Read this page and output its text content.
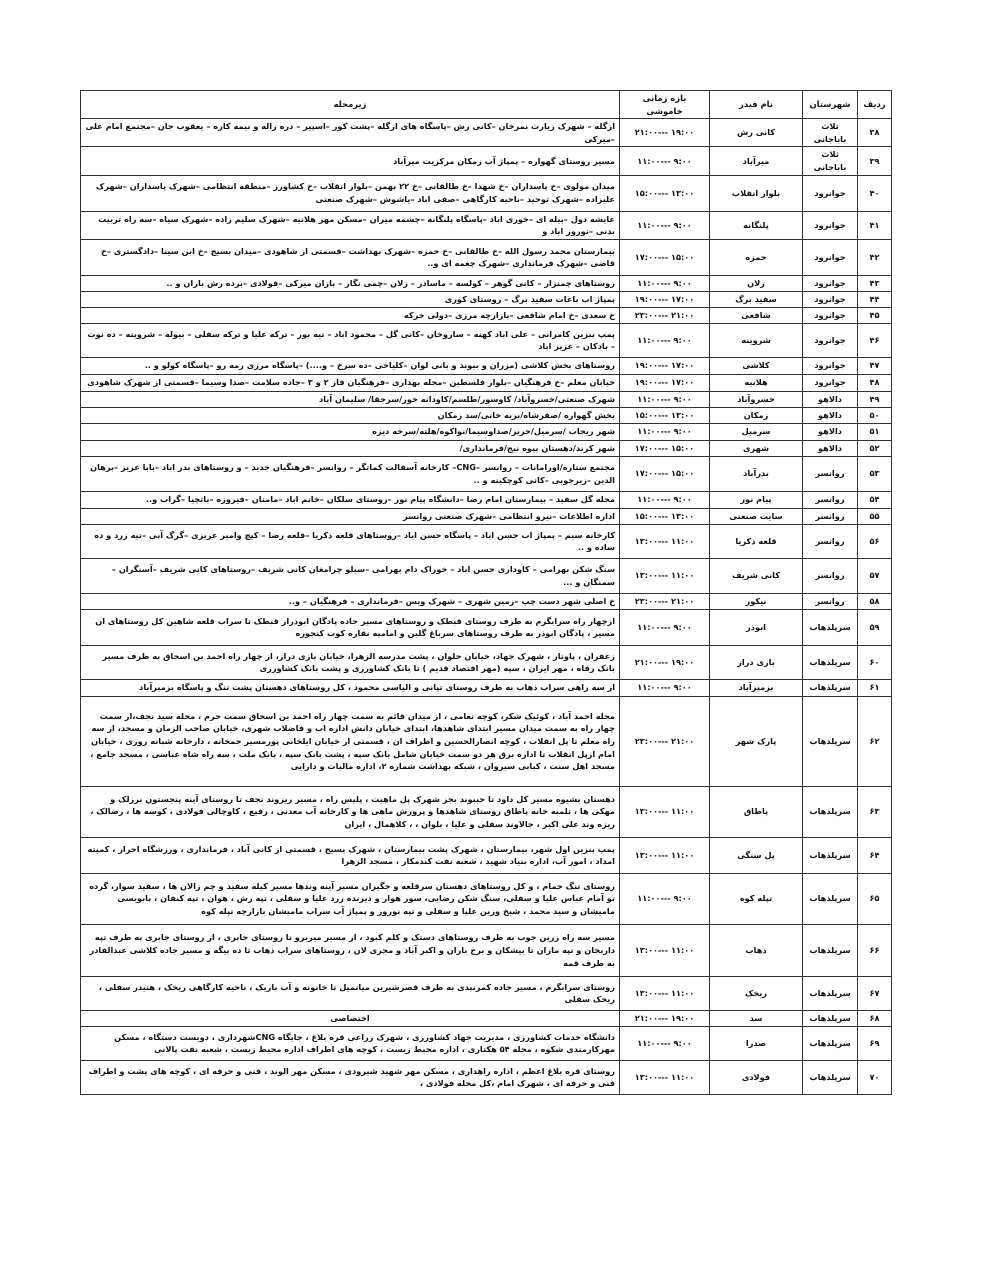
ردیف	شهرستان	نام فیدر	بازه زمانی خاموشی	زیرمحله
۳۸	ثلاث باباجانی	کانی رش	۲۱:۰۰--- ۱۹:۰۰	ازگله – شهرک زیارت نمرخان –کانی رش –پاسگاه های ازگله –پشت کور –اسپیر – دره زاله و نیمه کاره – یعقوب جان –مجتمع امام علی –میرکی
۳۹	ثلاث باباجانی	میرآباد	۱۱:۰۰--- ۹:۰۰	مسیر روستای گهواره – پمپاژ آب زمکان مرکزیت میرآباد
۴۰	جوانرود	بلوار انقلاب	۱۵:۰۰--- ۱۳:۰۰	میدان مولوی –خ پاسداران –خ شهدا –خ طالقانی –خ ۲۲ بهمن –بلوار انقلاب –خ کشاورز –منطقه انتظامی –شهرک پاسداران –شهرک علیزاده –شهرک توحید –ناحیه کارگاهی –صفی اباد –یاشوش –شهرک صنعتی
۴۱	جوانرود	پلنگانه	۱۱:۰۰--- ۹:۰۰	عایشه دول –بیله ای –خوری اباد –پاسگاه پلنگانه –چشمه میران –مسکن مهر هلانیه –شهرک سلیم زاده –شهرک سیاه –سه راه تربیت بدنی –نوروز اباد و
۴۲	جوانرود	حمزه	۱۷:۰۰--- ۱۵:۰۰	بیمارستان محمد رسول الله –خ طالقانی –خ حمزه –شهرک بهداشت –قسمتی از شاهودی –میدان بسیج –خ ابن سینا –دادگستری –خ قاضی –شهرک فرمانداری –شهرک چغمه ای و..
۴۳	جوانرود	زلان	۱۱:۰۰--- ۹:۰۰	روستاهای چمنزار – کانی گوهر – کولسه – ماسادر – زلان –چمی نگار – بازان میرکی –فولادی –برده رش بازان و ..
۴۴	جوانرود	سفید برگ	۱۹:۰۰--- ۱۷:۰۰	پمپاژ اب باغات سفید برگ – روستای کوری
۴۵	جوانرود	شافعی	۲۳:۰۰--- ۲۱:۰۰	خ سعدی –خ امام شافعی –بازارچه مرزی –دولی خرکه
۴۶	جوانرود	شروینه	۱۱:۰۰--- ۹:۰۰	پمپ بنزین کامرانی – علی اباد کهنه – ساروخان –کانی گل – محمود اباد – تیه بور – ترکه علیا و ترکه سفلی – بیوله – شروینه – ده نوت – بادکان – عزیز اباد
۴۷	جوانرود	کلاشی	۱۹:۰۰--- ۱۷:۰۰	روستاهای بخش کلاشی (مزران و بیوند و بانی لوان –کلیاخی –ده سرخ – و....) –پاسگاه مرزی رمه رو –پاسگاه کولو و ..
۴۸	جوانرود	هلانیه	۱۹:۰۰--- ۱۷:۰۰	خیابان معلم –خ فرهنگیان –بلوار فلسطین –محله بهداری –فرهنگیان فاز ۲ و ۳ –جاده سلامت –صدا وسیما –قسمتی از شهرک شاهودی
۴۹	دالاهو	خسروآباد	۱۱:۰۰--- ۹:۰۰	شهرک صنعتی/خسروآباد/ کاوسور/طلسم/کاودانه خور/سرجقا/ سلیمان آباد
۵۰	دالاهو	زمکان	۱۵:۰۰--- ۱۳:۰۰	بخش گهواره /صفرشاه/بریه خانی/سد زمکان
۵۱	دالاهو	سرمیل	۱۱:۰۰--- ۹:۰۰	شهر ریجاب /سرمیل/حریر/صداوسیما/نواکوه/هلته/سرخه دیزه
۵۲	دالاهو	شهری	۱۷:۰۰--- ۱۵:۰۰	شهر کرند/دهستان بیوه نیج/فرمانداری/
۵۳	روانسر	بدرآباد	۱۷:۰۰--- ۱۵:۰۰	مجتمع ستاره/اورامانات – روانسر –CNG– کارخانه آسفالت کماتگر – روانسر –فرهنگیان جدید – و روستاهای بدر اباد –بابا عزیز –برهان الدین –زیرجوبی –کانی کوچکینه و ..
۵۴	روانسر	پیام نور	۱۱:۰۰--- ۹:۰۰	محله گل سفید – بیمارستان امام رضا –دانشگاه پیام نور –روستای سلکان –خانم اباد –مامنان –فیروزه –باتچیا –گراب و..
۵۵	روانسر	سایت صنعتی	۱۵:۰۰--- ۱۳:۰۰	اداره اطلاعات –نیرو انتظامی –شهرک صنعتی روانسر
۵۶	روانسر	قلعه ذکریا	۱۳:۰۰--- ۱۱:۰۰	کارخانه سیم – پمپاژ اب حسن اباد – پاسگاه حسن اباد –روستاهای قلعه ذکریا –قلعه رضا – کیچ وامیر عزیزی –گرگ آبی –تیه زرد و ده ساده و ..
۵۷	روانسر	کانی شریف	۱۳:۰۰--- ۱۱:۰۰	سنگ شکن بهرامی – کاوداری حسن اباد – خوراک دام بهرامی –سیلو چرامغان کانی شریف –روستاهای کانی شریف –آسنگران –سمنگان و ...
۵۸	روانسر	نیکور	۲۳:۰۰--- ۲۱:۰۰	خ اصلی شهر دست چپ –زمین شهری – شهرک ویس –فرمانداری – فرهنگیان – و..
۵۹	سرپلذهاب	ابوذر	۱۱:۰۰--- ۹:۰۰	ازچهار راه سرابگرم به طرف روستای قبطک و روستاهای مسیر جاده پادگان ابوذراز قبطک تا سراب قلعه شاهین کل روستاهای ان مسیر ، پادگان ابوذر به طرف روستاهای سرباغ گلین و امامیه نقاره کوب کنجوره
۶۰	سرپلذهاب	بازی دراز	۲۱:۰۰--- ۱۹:۰۰	زعفران ، پاوتار ، شهرک جهاد، خیابان حلوان ، پشت مدرسه الزهرا، خیابان بازی دراز، از چهار راه احمد بن اسحاق به طرف مسیر بانک رفاه ، مهر ایران ، سپه (مهر اقتصاد قدیم ) تا بانک کشاورزی و پشت بانک کشاورزی
۶۱	سرپلذهاب	بزمیرآباد	۱۱:۰۰--- ۹:۰۰	از سه راهی سراب ذهاب به طرف روستای تپانی و الیاسی محمود ، کل روستاهای دهستان پشت تنگ و پاسگاه بزمیرآباد
۶۲	سرپلذهاب	پارک شهر	۲۳:۰۰--- ۲۱:۰۰	محله احمد آباد ، کوئیک شکر، کوچه نعامی ، از میدان قائم به سمت چهار راه احمد بن اسحاق سمت حرم ، محله سید نجف،از سمت چهار راه به سمت میدان مسیر ابتدای شاهدها، ابتدای خیابان دانش اداره اب و فاضلاب شهری، خیابان صاحب الزمان و مسجد، از سه راه معلم تا پل انقلاب ، کوچه انصارالحسین و اطراف ان ، قسمتی از خیابان ایلخانی پورمسیر جمخانه ، دارخانه شبانه روزی ، خیابان امام ازپل انقلاب تا اداره برق هر دو سمت خیابان شامل بانک سپه ، پشت بانک سپه ، بانک ملت ، سه راه شاه عباسی ، مسجد جامع ، مسجد اهل سنت ، کبابی سیروان ، شبکه بهداشت شماره ۲، اداره مالیات و دارایی
۶۳	سرپلذهاب	پاطاق	۱۳:۰۰--- ۱۱:۰۰	دهستان بشیوه مسیر کل داود تا حیبوند بجز شهرک پل ماهیت ، پلیس راه ، مسیر ریزوند نجف تا روستای آینه پنجستون برزلک و مهکی ها ، تلمبه خانه پاطاق روستای شاهدها و پرورش ماهی ها و کارخانه آب معدنی ، رفیع ، کاوچالی فولادی ، کوسه ها ، رضالک ، ریزه وند علی اکبر ، جالاوند سفلی و علیا ، بلوان ، ، کلاهمال ، ایران
۶۴	سرپلذهاب	پل سنگی	۱۳:۰۰--- ۱۱:۰۰	پمپ بنزین اول شهر، بیمارستان ، شهرک پشت بیمارستان ، شهرک بسیج ، قسمتی از کانی آباد ، فرمانداری ، ورزشگاه احرار ، کمیته امداد ، امور آب، اداره بنیاد شهید ، شعبه نفت کندمکار ، مسجد الزهرا
۶۵	سرپلذهاب	تپله کوه	۱۱:۰۰--- ۹:۰۰	روستای تنگ حمام ، و کل روستاهای دهستان سرقلعه و جگیران مسیر آینه وندها مسیر کیله سفید و چم زالان ها ، سفید سوار، گرده تو آمام عباس علیا و سفلی، سنگ شکن رضایی، سور هوار و دیرنده زرد علیا و سفلی ، تپه رش ، هوان ، تپه کنفان ، بابویسی مامیشان و سید محمد ، شیخ وزین علیا و سفلی و تپه نوروز و پمپاژ آب سراب مامیشان بازارچه تپله کوه
۶۶	سرپلذهاب	ذهاب	۱۳:۰۰--- ۱۱:۰۰	مسیر سه راه زرین جوب به طرف روستاهای دستک و کلم کبود ، از مسیر میربرو تا روستای جابری ، از روستای جابری به طرف تپه داربخان و تپه ماران تا بیشکان و برخ باران و اکبر آباد و مجری لان ، روستاهای سراب ذهاب تا ده بیگه و مسیر جاده کلاشی عبدالقادر به طرف قمه
۶۷	سرپلذهاب	ریخک	۱۳:۰۰--- ۱۱:۰۰	روستای سرابگرم ، مسیر جاده کمرنبدی به طرف قصرشیرین میانمیل تا خانونه و آب باریک ، ناحیه کارگاهی ریخک ، هنیدر سفلی ، ریخک سفلی
۶۸	سرپلذهاب	سد	۲۱:۰۰--- ۱۹:۰۰	اختصاصی
۶۹	سرپلذهاب	صدرا	۱۱:۰۰--- ۹:۰۰	دانشگاه خدمات کشاورزی ، مدیریت جهاد کشاورزی ، شهرک زراعی قره بلاغ ، جایگاه CNGشهرداری ، دویست دستگاه ، مسکن مهرکارمندی شکوه ، محله ۵۴ هکتاری ، اداره محیط زیست ، کوچه های اطراف اداره محیط زیست ، شعبه نفت پالانی
۷۰	سرپلذهاب	فولادی	۱۳:۰۰--- ۱۱:۰۰	روستای قره بلاغ اعظم ، اداره راهداری ، مسکن مهر شهید شیرودی ، مسکن مهر الوند ، فنی و حرفه ای ، کوچه های پشت و اطراف فنی و حرفه ای ، شهرک امام ،کل محله فولادی ،
